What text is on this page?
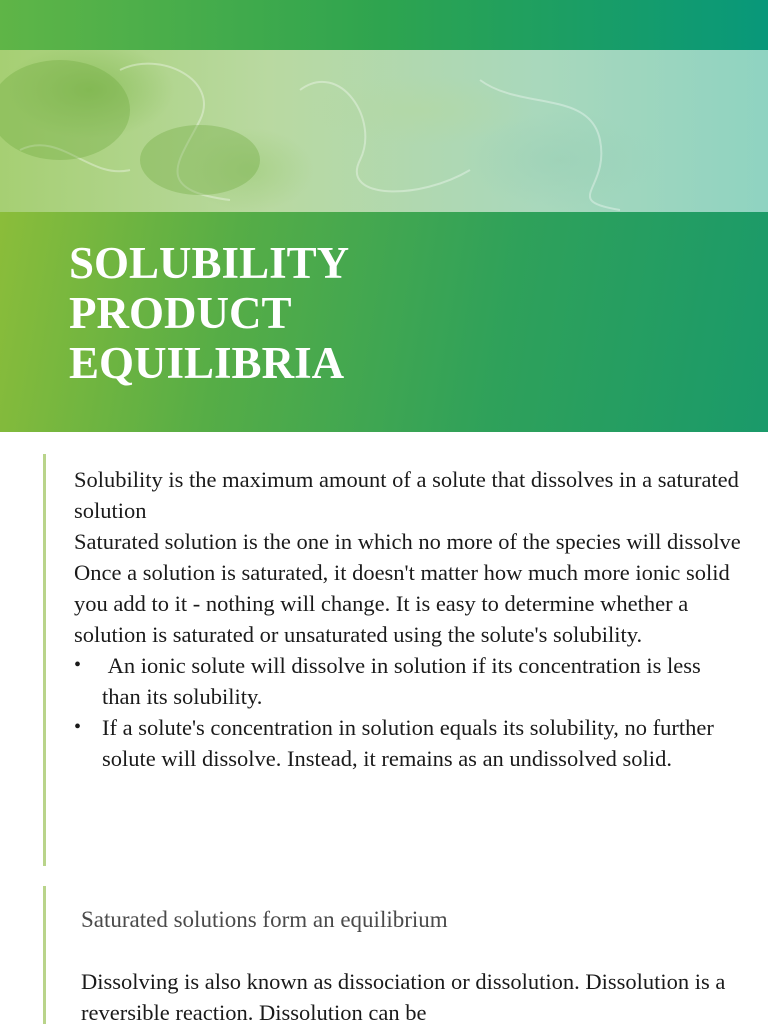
SOLUBILITY
PRODUCT
EQUILIBRIA

Solubility is the maximum amount of a solute that dissolves in a saturated solution

Saturated solution is the one in which no more of the species will dissolve

Once a solution is saturated, it doesn't matter how much more ionic solid you add to it - nothing will change. It is easy to determine whether a solution is saturated or unsaturated using the solute's solubility.

• An ionic solute will dissolve in solution if its concentration is less than its solubility.
• If a solute's concentration in solution equals its solubility, no further solute will dissolve. Instead, it remains as an undissolved solid.

Saturated solutions form an equilibrium

Dissolving is also known as dissociation or dissolution. Dissolution is a reversible reaction. Dissolution can be
